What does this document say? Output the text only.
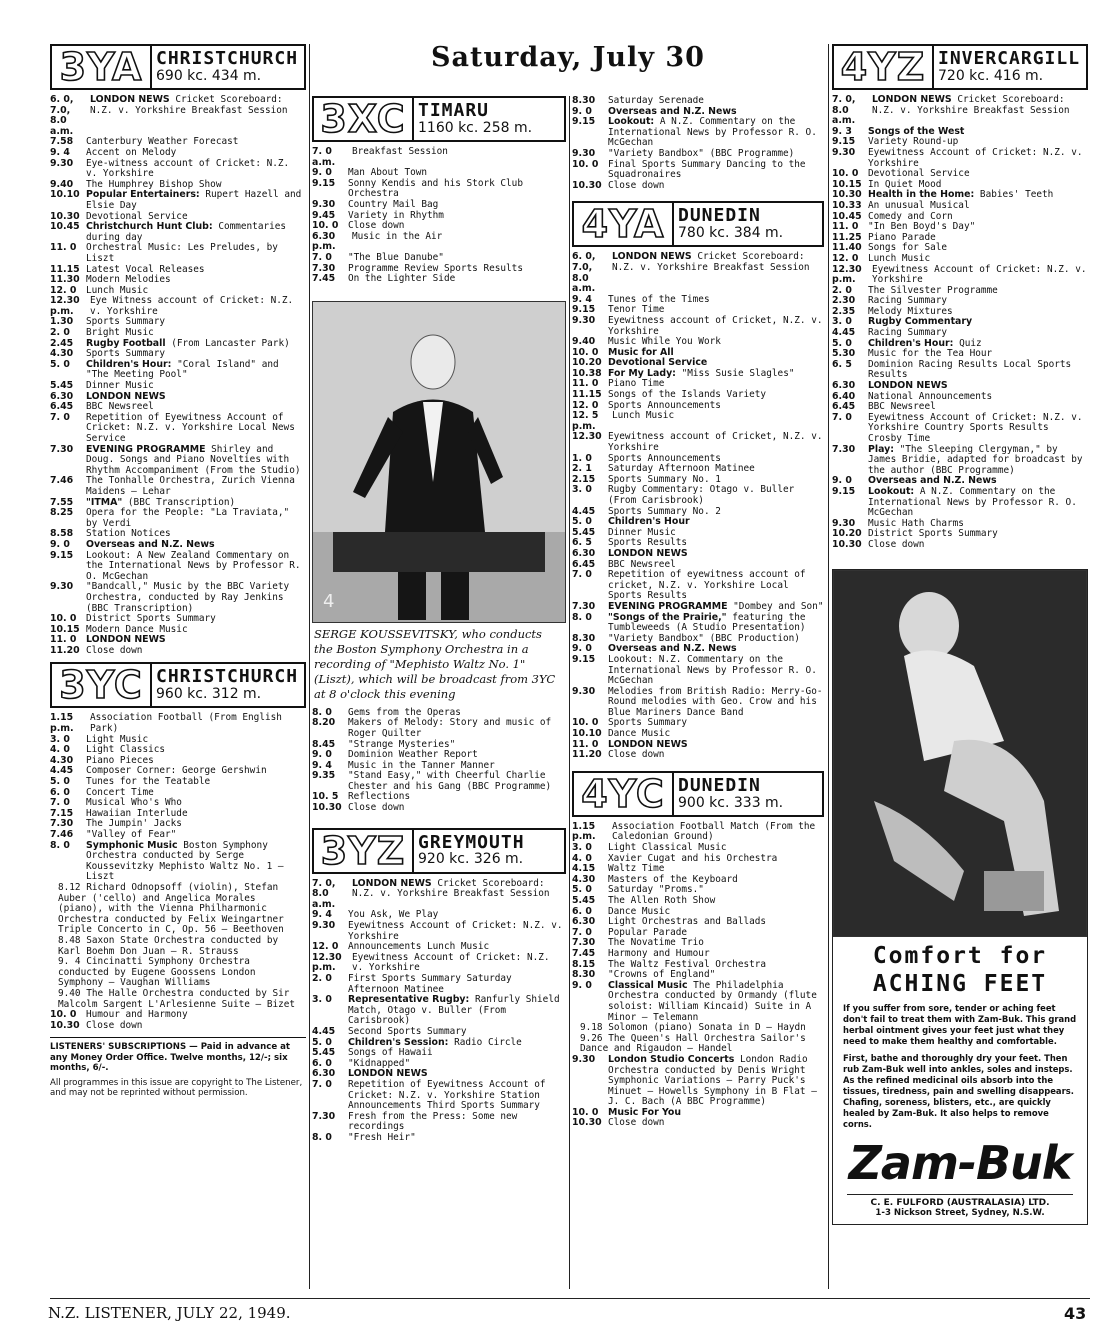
Saturday, July 30
3YA CHRISTCHURCH
690 kc. 434 m.
6. 0, 7.0, 8.0 a.m.
LONDON NEWS Cricket Scoreboard: N.Z. v. Yorkshire Breakfast Session
7.58	Canterbury Weather Forecast
9. 4	Accent on Melody
9.30	Eye-witness account of Cricket: N.Z. v. Yorkshire
9.40	The Humphrey Bishop Show
10.10 Popular Entertainers: Rupert Hazell and Elsie Day
10.30 Devotional Service
10.45 Christchurch Hunt Club: Commentaries during day
11. 0	Orchestral Music: Les Preludes, by Liszt
11.15 Latest Vocal Releases
11.30 Modern Melodies
12. 0	Lunch Music
12.30 p.m.
Eye Witness account of Cricket: N.Z. v. Yorkshire
1.30	Sports Summary
2. 0	Bright Music
2.45	Rugby Football (From Lancaster Park)
4.30	Sports Summary
5. 0	Children's Hour: "Coral Island" and "The Meeting Pool"
5.45	Dinner Music
6.30	LONDON NEWS
6.45	BBC Newsreel
7. 0	Repetition of Eyewitness Account of Cricket: N.Z. v. Yorkshire Local News Service
7.30	EVENING PROGRAMME Shirley and Doug. Songs and Piano Novelties with Rhythm Accompaniment (From the Studio)
7.46	The Tonhalle Orchestra, Zurich Vienna Maidens — Lehar
7.55	"ITMA" (BBC Transcription)
8.25	Opera for the People: "La Traviata," by Verdi
8.58	Station Notices
9. 0	Overseas and N.Z. News
9.15	Lookout: A New Zealand Commentary on the International News by Professor R. O. McGechan
9.30	"Bandcall," Music by the BBC Variety Orchestra, conducted by Ray Jenkins (BBC Transcription)
10. 0	District Sports Summary
10.15 Modern Dance Music
11. 0	LONDON NEWS
11.20 Close down
3YC CHRISTCHURCH
960 kc. 312 m.
1.15 p.m.
Association Football (From English Park)
3. 0	Light Music
4. 0	Light Classics
4.30	Piano Pieces
4.45	Composer Corner: George Gershwin
5. 0	Tunes for the Teatable
6. 0	Concert Time
7. 0	Musical Who's Who
7.15	Hawaiian Interlude
7.30	The Jumpin' Jacks
7.46	"Valley of Fear"
8. 0	Symphonic Music Boston Symphony Orchestra conducted by Serge Koussevitzky Mephisto Waltz No. 1 — Liszt
8.12 Richard Odnopsoff (violin), Stefan Auber ('cello) and Angelica Morales (piano), with the Vienna Philharmonic Orchestra conducted by Felix Weingartner Triple Concerto in C, Op. 56 — Beethoven
8.48 Saxon State Orchestra conducted by Karl Boehm Don Juan — R. Strauss
9. 4 Cincinatti Symphony Orchestra conducted by Eugene Goossens London Symphony — Vaughan Williams
9.40 The Halle Orchestra conducted by Sir Malcolm Sargent L'Arlesienne Suite — Bizet
10. 0	Humour and Harmony
10.30 Close down
LISTENERS' SUBSCRIPTIONS — Paid in advance at any Money Order Office. Twelve months, 12/-; six months, 6/-.
All programmes in this issue are copyright to The Listener, and may not be reprinted without permission.
3XC TIMARU
1160 kc. 258 m.
7. 0 a.m.
Breakfast Session
9. 0	Man About Town
9.15	Sonny Kendis and his Stork Club Orchestra
9.30	Country Mail Bag
9.45	Variety in Rhythm
10. 0	Close down
6.30 p.m.
Music in the Air
7. 0	"The Blue Danube"
7.30	Programme Review Sports Results
7.45	On the Lighter Side
4
SERGE KOUSSEVITSKY, who conducts the Boston Symphony Orchestra in a recording of "Mephisto Waltz No. 1" (Liszt), which will be broadcast from 3YC at 8 o'clock this evening
8. 0	Gems from the Operas
8.20	Makers of Melody: Story and music of Roger Quilter
8.45	"Strange Mysteries"
9. 0	Dominion Weather Report
9. 4	Music in the Tanner Manner
9.35	"Stand Easy," with Cheerful Charlie Chester and his Gang (BBC Programme)
10. 5	Reflections
10.30 Close down
3YZ GREYMOUTH
920 kc. 326 m.
7. 0, 8.0 a.m.
LONDON NEWS Cricket Scoreboard: N.Z. v. Yorkshire Breakfast Session
9. 4	You Ask, We Play
9.30	Eyewitness Account of Cricket: N.Z. v. Yorkshire
12. 0	Announcements Lunch Music
12.30 p.m.
Eyewitness Account of Cricket: N.Z. v. Yorkshire
2. 0	First Sports Summary Saturday Afternoon Matinee
3. 0	Representative Rugby: Ranfurly Shield Match, Otago v. Buller (From Carisbrook)
4.45	Second Sports Summary
5. 0	Children's Session: Radio Circle
5.45	Songs of Hawaii
6. 0	"Kidnapped"
6.30	LONDON NEWS
7. 0	Repetition of Eyewitness Account of Cricket: N.Z. v. Yorkshire Station Announcements Third Sports Summary
7.30	Fresh from the Press: Some new recordings
8. 0	"Fresh Heir"
8.30	Saturday Serenade
9. 0	Overseas and N.Z. News
9.15	Lookout: A N.Z. Commentary on the International News by Professor R. O. McGechan
9.30	"Variety Bandbox" (BBC Programme)
10. 0	Final Sports Summary Dancing to the Squadronaires
10.30 Close down
4YA DUNEDIN
780 kc. 384 m.
6. 0, 7.0, 8.0 a.m.
LONDON NEWS Cricket Scoreboard: N.Z. v. Yorkshire Breakfast Session
9. 4	Tunes of the Times
9.15	Tenor Time
9.30	Eyewitness account of Cricket, N.Z. v. Yorkshire
9.40	Music While You Work
10. 0	Music for All
10.20 Devotional Service
10.38 For My Lady: "Miss Susie Slagles"
11. 0	Piano Time
11.15 Songs of the Islands Variety
12. 0	Sports Announcements
12. 5 p.m.
Lunch Music
12.30 Eyewitness account of Cricket, N.Z. v. Yorkshire
1. 0	Sports Announcements
2. 1	Saturday Afternoon Matinee
2.15	Sports Summary No. 1
3. 0	Rugby Commentary: Otago v. Buller (From Carisbrook)
4.45	Sports Summary No. 2
5. 0	Children's Hour
5.45	Dinner Music
6. 5	Sports Results
6.30	LONDON NEWS
6.45	BBC Newsreel
7. 0	Repetition of eyewitness account of cricket, N.Z. v. Yorkshire Local Sports Results
7.30	EVENING PROGRAMME "Dombey and Son"
8. 0	"Songs of the Prairie," featuring the Tumbleweeds (A Studio Presentation)
8.30	"Variety Bandbox" (BBC Production)
9. 0	Overseas and N.Z. News
9.15	Lookout: N.Z. Commentary on the International News by Professor R. O. McGechan
9.30	Melodies from British Radio: Merry-Go-Round melodies with Geo. Crow and his Blue Mariners Dance Band
10. 0	Sports Summary
10.10 Dance Music
11. 0	LONDON NEWS
11.20 Close down
4YC DUNEDIN
900 kc. 333 m.
1.15 p.m.
Association Football Match (From the Caledonian Ground)
3. 0	Light Classical Music
4. 0	Xavier Cugat and his Orchestra
4.15	Waltz Time
4.30	Masters of the Keyboard
5. 0	Saturday "Proms."
5.45	The Allen Roth Show
6. 0	Dance Music
6.30	Light Orchestras and Ballads
7. 0	Popular Parade
7.30	The Novatime Trio
7.45	Harmony and Humour
8.15	The Waltz Festival Orchestra
8.30	"Crowns of England"
9. 0	Classical Music The Philadelphia Orchestra conducted by Ormandy (flute soloist: William Kincaid) Suite in A Minor — Telemann
9.18 Solomon (piano) Sonata in D — Haydn
9.26 The Queen's Hall Orchestra Sailor's Dance and Rigaudon — Handel
9.30	London Studio Concerts London Radio Orchestra conducted by Denis Wright Symphonic Variations — Parry Puck's Minuet — Howells Symphony in B Flat — J. C. Bach (A BBC Programme)
10. 0	Music For You
10.30 Close down
4YZ INVERCARGILL
720 kc. 416 m.
7. 0, 8.0 a.m.
LONDON NEWS Cricket Scoreboard: N.Z. v. Yorkshire Breakfast Session
9. 3	Songs of the West
9.15	Variety Round-up
9.30	Eyewitness Account of Cricket: N.Z. v. Yorkshire
10. 0	Devotional Service
10.15 In Quiet Mood
10.30 Health in the Home: Babies' Teeth
10.33 An unusual Musical
10.45 Comedy and Corn
11. 0	"In Ben Boyd's Day"
11.25 Piano Parade
11.40 Songs for Sale
12. 0	Lunch Music
12.30 p.m.
Eyewitness Account of Cricket: N.Z. v. Yorkshire
2. 0	The Silvester Programme
2.30	Racing Summary
2.35	Melody Mixtures
3. 0	Rugby Commentary
4.45	Racing Summary
5. 0	Children's Hour: Quiz
5.30	Music for the Tea Hour
6. 5	Dominion Racing Results Local Sports Results
6.30	LONDON NEWS
6.40	National Announcements
6.45	BBC Newsreel
7. 0	Eyewitness Account of Cricket: N.Z. v. Yorkshire Country Sports Results Crosby Time
7.30	Play: "The Sleeping Clergyman," by James Bridie, adapted for broadcast by the author (BBC Programme)
9. 0	Overseas and N.Z. News
9.15	Lookout: A N.Z. Commentary on the International News by Professor R. O. McGechan
9.30	Music Hath Charms
10.20 District Sports Summary
10.30 Close down
Comfort for
ACHING FEET
If you suffer from sore, tender or aching feet don't fail to treat them with Zam-Buk. This grand herbal ointment gives your feet just what they need to make them healthy and comfortable.
First, bathe and thoroughly dry your feet. Then rub Zam-Buk well into ankles, soles and insteps. As the refined medicinal oils absorb into the tissues, tiredness, pain and swelling disappears. Chafing, soreness, blisters, etc., are quickly healed by Zam-Buk. It also helps to remove corns.
Zam-Buk
C. E. FULFORD (AUSTRALASIA) LTD.
1-3 Nickson Street, Sydney, N.S.W.
N.Z. LISTENER, JULY 22, 1949.	43
